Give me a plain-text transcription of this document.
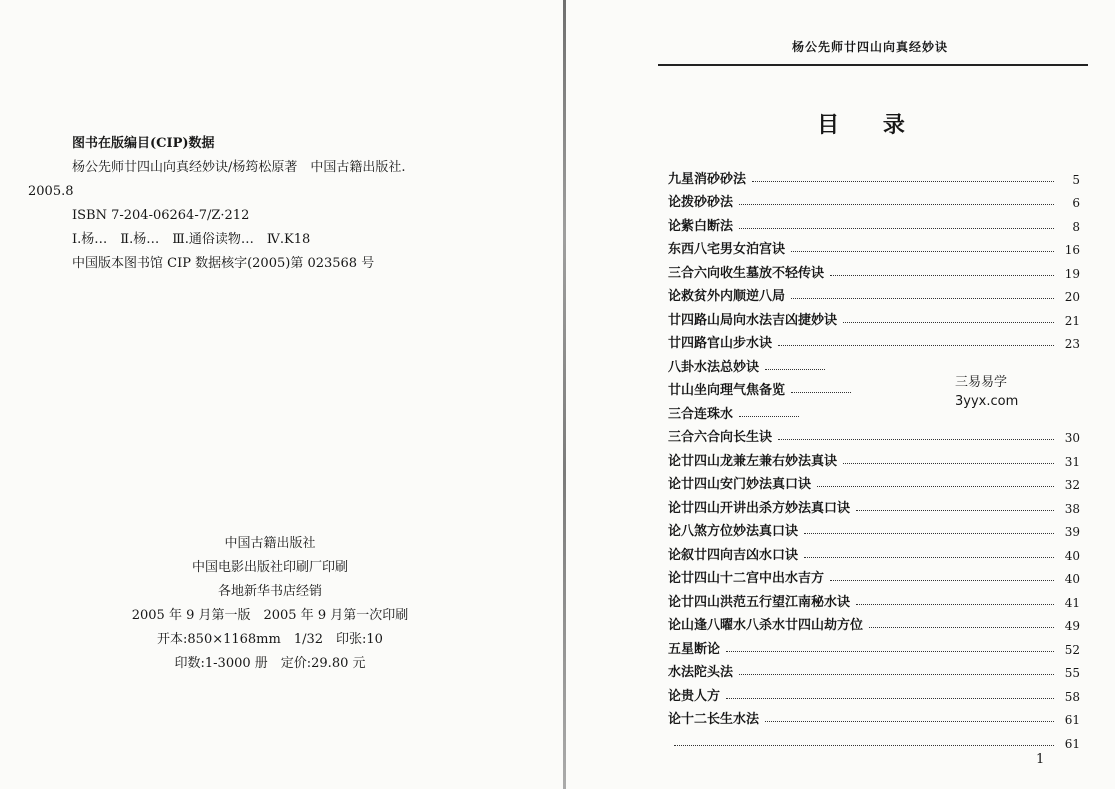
图书在版编目(CIP)数据
杨公先师廿四山向真经妙诀/杨筠松原著　中国古籍出版社.
2005.8
ISBN 7-204-06264-7/Z·212
Ⅰ.杨…　Ⅱ.杨…　Ⅲ.通俗读物…　Ⅳ.K18
中国版本图书馆 CIP 数据核字(2005)第 023568 号
中国古籍出版社
中国电影出版社印刷厂印刷
各地新华书店经销
2005 年 9 月第一版　2005 年 9 月第一次印刷
开本:850×1168mm　1/32　印张:10
印数:1-3000 册　定价:29.80 元
杨公先师廿四山向真经妙诀
目 录
九星消砂砂法	5
论拨砂砂法	6
论紫白断法	8
东西八宅男女泊宫诀	16
三合六向收生墓放不轻传诀	19
论救贫外内顺逆八局	20
廿四路山局向水法吉凶捷妙诀	21
廿四路官山步水诀	23
八卦水法总妙诀
廿山坐向理气焦备览
三合连珠水
三合六合向长生诀	30
论廿四山龙兼左兼右妙法真诀	31
论廿四山安门妙法真口诀	32
论廿四山开讲出杀方妙法真口诀	38
论八煞方位妙法真口诀	39
论叙廿四向吉凶水口诀	40
论廿四山十二宫中出水吉方	40
论廿四山洪范五行望江南秘水诀	41
论山逢八曜水八杀水廿四山劫方位	49
五星断论	52
水法陀头法	55
论贵人方	58
论十二长生水法	61
61
三易易学
3yyx.com
1
